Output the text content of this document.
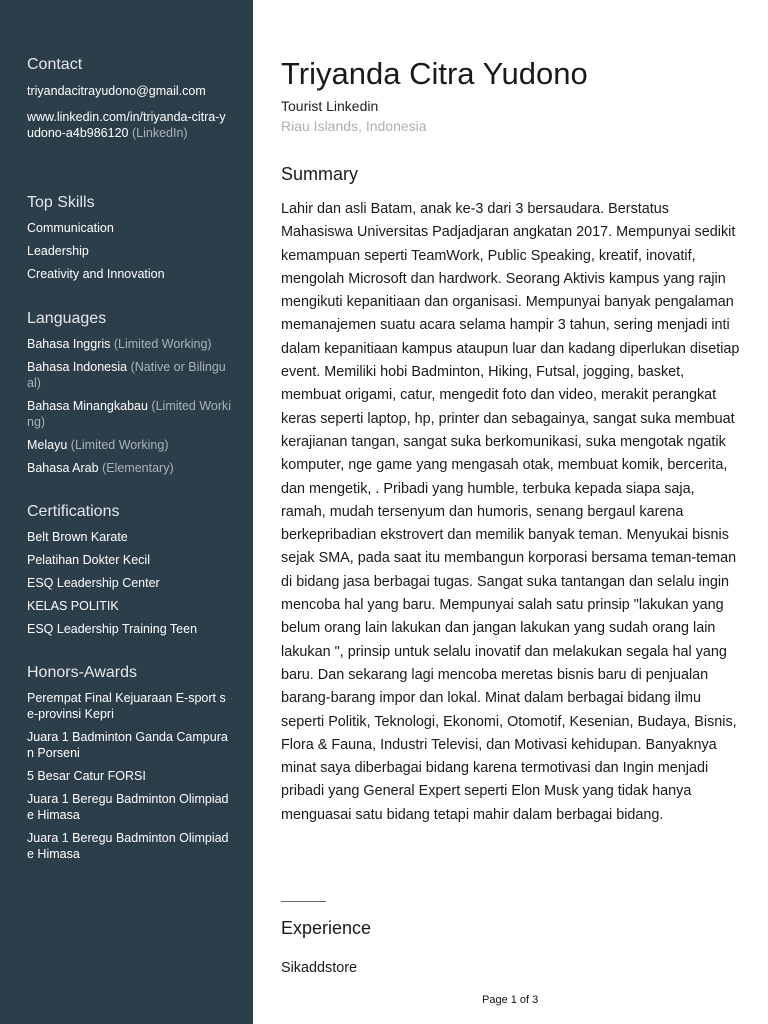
Contact
triyandacitrayudono@gmail.com
www.linkedin.com/in/triyanda-citra-yudono-a4b986120 (LinkedIn)
Top Skills
Communication
Leadership
Creativity and Innovation
Languages
Bahasa Inggris (Limited Working)
Bahasa Indonesia (Native or Bilingual)
Bahasa Minangkabau (Limited Working)
Melayu (Limited Working)
Bahasa Arab (Elementary)
Certifications
Belt Brown Karate
Pelatihan Dokter Kecil
ESQ Leadership Center
KELAS POLITIK
ESQ Leadership Training Teen
Honors-Awards
Perempat Final Kejuaraan E-sport se-provinsi Kepri
Juara 1 Badminton Ganda Campuran Porseni
5 Besar Catur FORSI
Juara 1 Beregu Badminton Olimpiade Himasa
Juara 1 Beregu Badminton Olimpiade Himasa
Triyanda Citra Yudono
Tourist Linkedin
Riau Islands, Indonesia
Summary

Lahir dan asli Batam, anak ke-3 dari 3 bersaudara. Berstatus Mahasiswa Universitas Padjadjaran angkatan 2017. Mempunyai sedikit kemampuan seperti TeamWork, Public Speaking, kreatif, inovatif, mengolah Microsoft dan hardwork. Seorang Aktivis kampus yang rajin mengikuti kepanitiaan dan organisasi. Mempunyai banyak pengalaman memanajemen suatu acara selama hampir 3 tahun, sering menjadi inti dalam kepanitiaan kampus ataupun luar dan kadang diperlukan disetiap event. Memiliki hobi Badminton, Hiking, Futsal, jogging, basket, membuat origami, catur, mengedit foto dan video, merakit perangkat keras seperti laptop, hp, printer dan sebagainya, sangat suka membuat kerajianan tangan, sangat suka berkomunikasi, suka mengotak ngatik komputer, nge game yang mengasah otak, membuat komik, bercerita, dan mengetik, . Pribadi yang humble, terbuka kepada siapa saja, ramah, mudah tersenyum dan humoris, senang bergaul karena berkepribadian ekstrovert dan memilik banyak teman. Menyukai bisnis sejak SMA, pada saat itu membangun korporasi bersama teman-teman di bidang jasa berbagai tugas. Sangat suka tantangan dan selalu ingin mencoba hal yang baru. Mempunyai salah satu prinsip "lakukan yang belum orang lain lakukan dan jangan lakukan yang sudah orang lain lakukan ", prinsip untuk selalu inovatif dan melakukan segala hal yang baru. Dan sekarang lagi mencoba meretas bisnis baru di penjualan barang-barang impor dan lokal. Minat dalam berbagai bidang ilmu seperti Politik, Teknologi, Ekonomi, Otomotif, Kesenian, Budaya, Bisnis, Flora & Fauna, Industri Televisi, dan Motivasi kehidupan. Banyaknya minat saya diberbagai bidang karena termotivasi dan Ingin menjadi pribadi yang General Expert seperti Elon Musk yang tidak hanya menguasai satu bidang tetapi mahir dalam berbagai bidang.

Experience
Sikaddstore
Page 1 of 3
